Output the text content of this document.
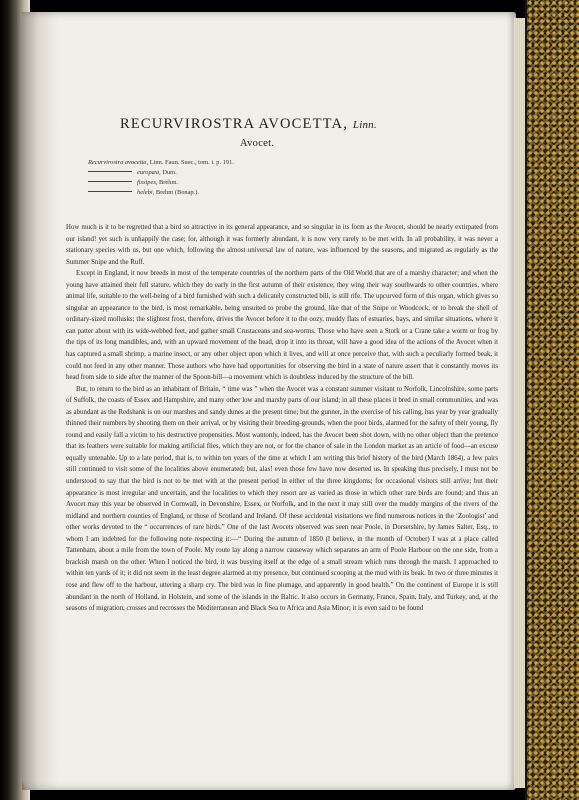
RECURVIROSTRA AVOCETTA, Linn.
Avocet.
Recurvirostra avocetta,
Linn. Faun. Suec., tom. i. p. 191.
europæa,
Dum.
fissipes,
Brehm.
helebi,
Brehm (Bonap.).

How much is it to be regretted that a bird so attractive in its general appearance, and so singular in its form as the Avocet, should be nearly extirpated from our island! yet such is unhappily the case; for, although it was formerly abundant, it is now very rarely to be met with. In all probability, it was never a stationary species with us, but one which, following the almost universal law of nature, was influenced by the seasons, and migrated as regularly as the Summer Snipe and the Ruff.

Except in England, it now breeds in most of the temperate countries of the northern parts of the Old World that are of a marshy character; and when the young have attained their full stature, which they do early in the first autumn of their existence, they wing their way southwards to other countries, where animal life, suitable to the well-being of a bird furnished with such a delicately constructed bill, is still rife. The upcurved form of this organ, which gives so singular an appearance to the bird, is most remarkable, being unsuited to probe the ground, like that of the Snipe or Woodcock, or to break the shell of ordinary-sized mollusks; the slightest frost, therefore, drives the Avocet before it to the oozy, muddy flats of estuaries, bays, and similar situations, where it can patter about with its wide-webbed feet, and gather small Crustaceans and sea-worms. Those who have seen a Stork or a Crane take a worm or frog by the tips of its long mandibles, and, with an upward movement of the head, drop it into its throat, will have a good idea of the actions of the Avocet when it has captured a small shrimp, a marine insect, or any other object upon which it lives, and will at once perceive that, with such a peculiarly formed beak, it could not feed in any other manner. Those authors who have had opportunities for observing the bird in a state of nature assert that it constantly moves its head from side to side after the manner of the Spoon-bill—a movement which is doubtless induced by the structure of the bill.

But, to return to the bird as an inhabitant of Britain, “ time was ” when the Avocet was a constant summer visitant to Norfolk, Lincolnshire, some parts of Suffolk, the coasts of Essex and Hampshire, and many other low and marshy parts of our island; in all these places it bred in small communities, and was as abundant as the Redshank is on our marshes and sandy dunes at the present time; but the gunner, in the exercise of his calling, has year by year gradually thinned their numbers by shooting them on their arrival, or by visiting their breeding-grounds, when the poor birds, alarmed for the safety of their young, fly round and easily fall a victim to his destructive propensities. Most wantonly, indeed, has the Avocet been shot down, with no other object than the pretence that its feathers were suitable for making artificial flies, which they are not, or for the chance of sale in the London market as an article of food—an excuse equally untenable. Up to a late period, that is, to within ten years of the time at which I am writing this brief history of the bird (March 1864), a few pairs still continued to visit some of the localities above enumerated; but, alas! even those few have now deserted us. In speaking thus precisely, I must not be understood to say that the bird is not to be met with at the present period in either of the three kingdoms; for occasional visitors still arrive; but their appearance is most irregular and uncertain, and the localities to which they resort are as varied as those in which other rare birds are found; and thus an Avocet may this year be observed in Cornwall, in Devonshire, Essex, or Norfolk, and in the next it may still over the muddy margins of the rivers of the midland and northern counties of England, or those of Scotland and Ireland. Of these accidental visitations we find numerous notices in the ‘Zoologist’ and other works devoted to the “ occurrences of rare birds.” One of the last Avocets observed was seen near Poole, in Dorsetshire, by James Salter, Esq., to whom I am indebted for the following note respecting it:—“ During the autumn of 1850 (I believe, in the month of October) I was at a place called Tattenham, about a mile from the town of Poole. My route lay along a narrow causeway which separates an arm of Poole Harbour on the one side, from a brackish marsh on the other. When I noticed the bird, it was busying itself at the edge of a small stream which runs through the marsh. I approached to within ten yards of it; it did not seem in the least degree alarmed at my presence, but continued scooping at the mud with its beak. In two or three minutes it rose and flew off to the harbour, uttering a sharp cry. The bird was in fine plumage, and apparently in good health.” On the continent of Europe it is still abundant in the north of Holland, in Holstein, and some of the islands in the Baltic. It also occurs in Germany, France, Spain, Italy, and Turkey, and, at the seasons of migration, crosses and recrosses the Mediterranean and Black Sea to Africa and Asia Minor; it is even said to be found
